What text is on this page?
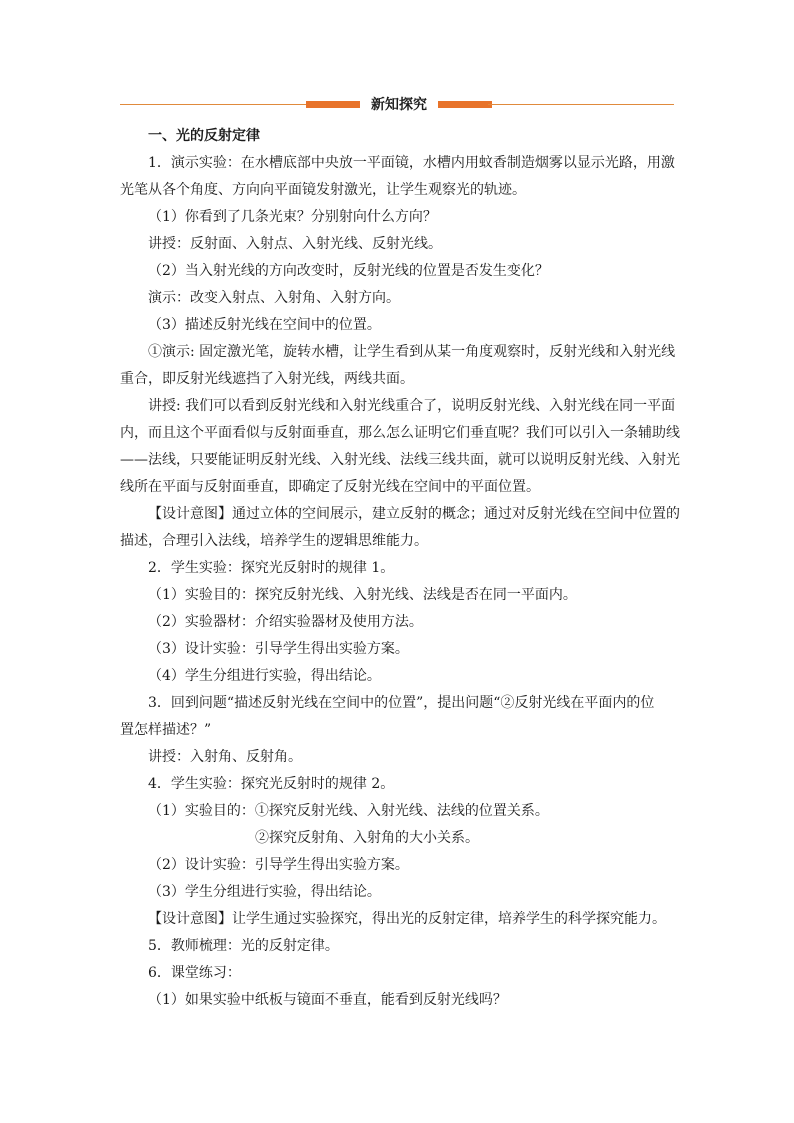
新知探究
一、光的反射定律
1．演示实验：在水槽底部中央放一平面镜，水槽内用蚊香制造烟雾以显示光路，用激
光笔从各个角度、方向向平面镜发射激光，让学生观察光的轨迹。
（1）你看到了几条光束？分别射向什么方向？
讲授：反射面、入射点、入射光线、反射光线。
（2）当入射光线的方向改变时，反射光线的位置是否发生变化？
演示：改变入射点、入射角、入射方向。
（3）描述反射光线在空间中的位置。
①演示: 固定激光笔，旋转水槽，让学生看到从某一角度观察时，反射光线和入射光线
重合，即反射光线遮挡了入射光线，两线共面。
讲授: 我们可以看到反射光线和入射光线重合了，说明反射光线、入射光线在同一平面
内，而且这个平面看似与反射面垂直，那么怎么证明它们垂直呢？我们可以引入一条辅助线
——法线，只要能证明反射光线、入射光线、法线三线共面，就可以说明反射光线、入射光
线所在平面与反射面垂直，即确定了反射光线在空间中的平面位置。
【设计意图】通过立体的空间展示，建立反射的概念；通过对反射光线在空间中位置的
描述，合理引入法线，培养学生的逻辑思维能力。
2．学生实验：探究光反射时的规律 1。
（1）实验目的：探究反射光线、入射光线、法线是否在同一平面内。
（2）实验器材：介绍实验器材及使用方法。
（3）设计实验：引导学生得出实验方案。
（4）学生分组进行实验，得出结论。
3．回到问题“描述反射光线在空间中的位置”，提出问题“②反射光线在平面内的位
置怎样描述？”
讲授：入射角、反射角。
4．学生实验：探究光反射时的规律 2。
（1）实验目的：①探究反射光线、入射光线、法线的位置关系。
②探究反射角、入射角的大小关系。
（2）设计实验：引导学生得出实验方案。
（3）学生分组进行实验，得出结论。
【设计意图】让学生通过实验探究，得出光的反射定律，培养学生的科学探究能力。
5．教师梳理：光的反射定律。
6．课堂练习：
（1）如果实验中纸板与镜面不垂直，能看到反射光线吗？
